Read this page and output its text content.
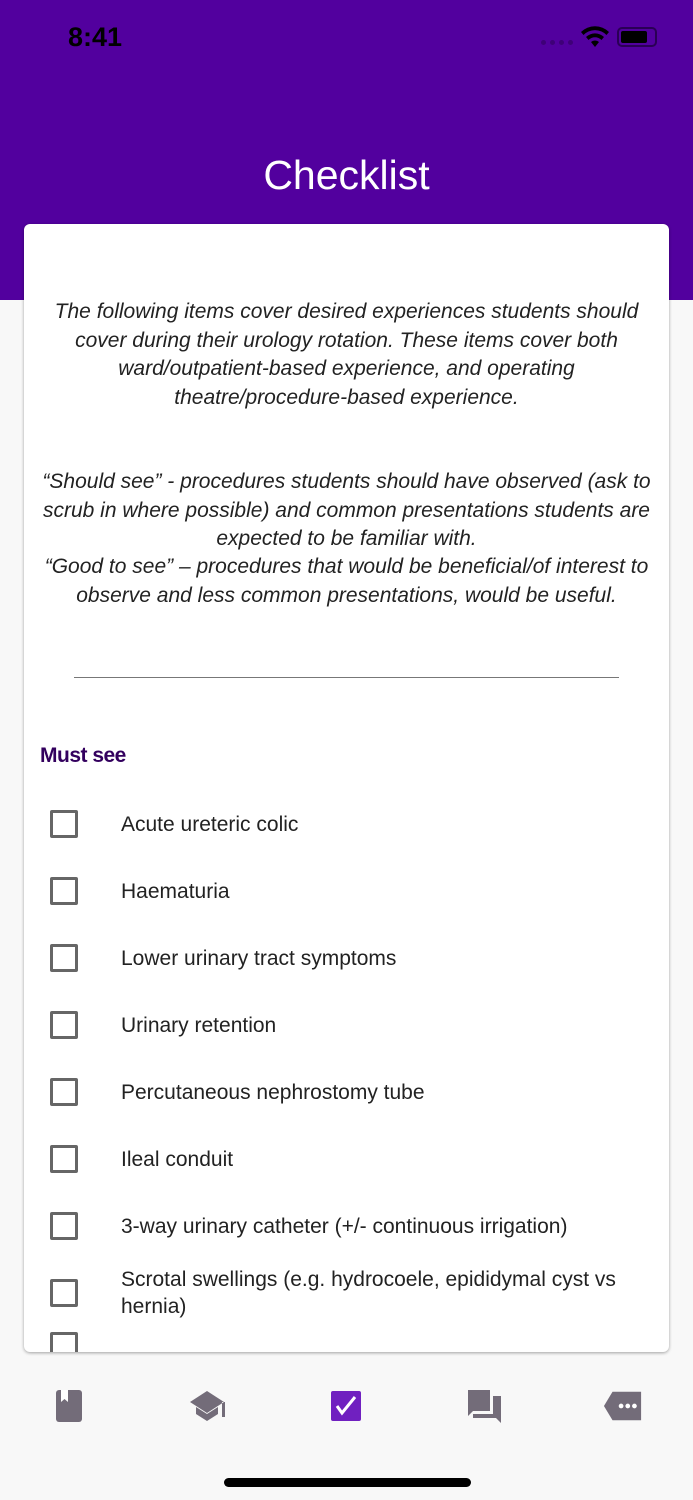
8:41
Checklist
The following items cover desired experiences students should cover during their urology rotation. These items cover both ward/outpatient-based experience, and operating theatre/procedure-based experience.
“Should see” - procedures students should have observed (ask to scrub in where possible) and common presentations students are expected to be familiar with.
“Good to see” – procedures that would be beneficial/of interest to observe and less common presentations, would be useful.
Must see
Acute ureteric colic
Haematuria
Lower urinary tract symptoms
Urinary retention
Percutaneous nephrostomy tube
Ileal conduit
3-way urinary catheter (+/- continuous irrigation)
Scrotal swellings (e.g. hydrocoele, epididymal cyst vs hernia)
